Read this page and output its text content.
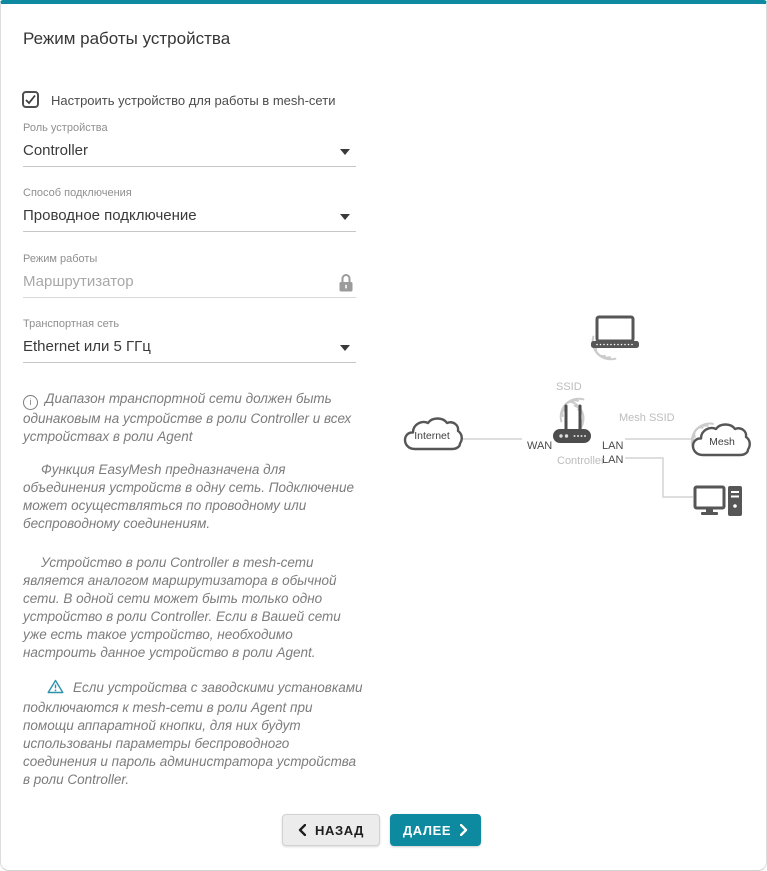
Режим работы устройства
Настроить устройство для работы в mesh-сети
Роль устройства
Controller
Способ подключения
Проводное подключение
Режим работы
Маршрутизатор
Транспортная сеть
Ethernet или 5 ГГц

i Диапазон транспортной сети должен быть одинаковым на устройстве в роли Controller и всех устройствах в роли Agent

Функция EasyMesh предназначена для объединения устройств в одну сеть. Подключение может осуществляться по проводному или беспроводному соединениям.

Устройство в роли Controller в mesh-сети является аналогом маршрутизатора в обычной сети. В одной сети может быть только одно устройство в роли Controller. Если в Вашей сети уже есть такое устройство, необходимо настроить данное устройство в роли Agent.

Если устройства с заводскими установками подключаются к mesh-сети в роли Agent при помощи аппаратной кнопки, для них будут использованы параметры беспроводного соединения и пароль администратора устройства в роли Controller.

НАЗАД	ДАЛЕЕ
Internet	Mesh
SSID
Mesh SSID
WAN	LAN
LAN
Controller
